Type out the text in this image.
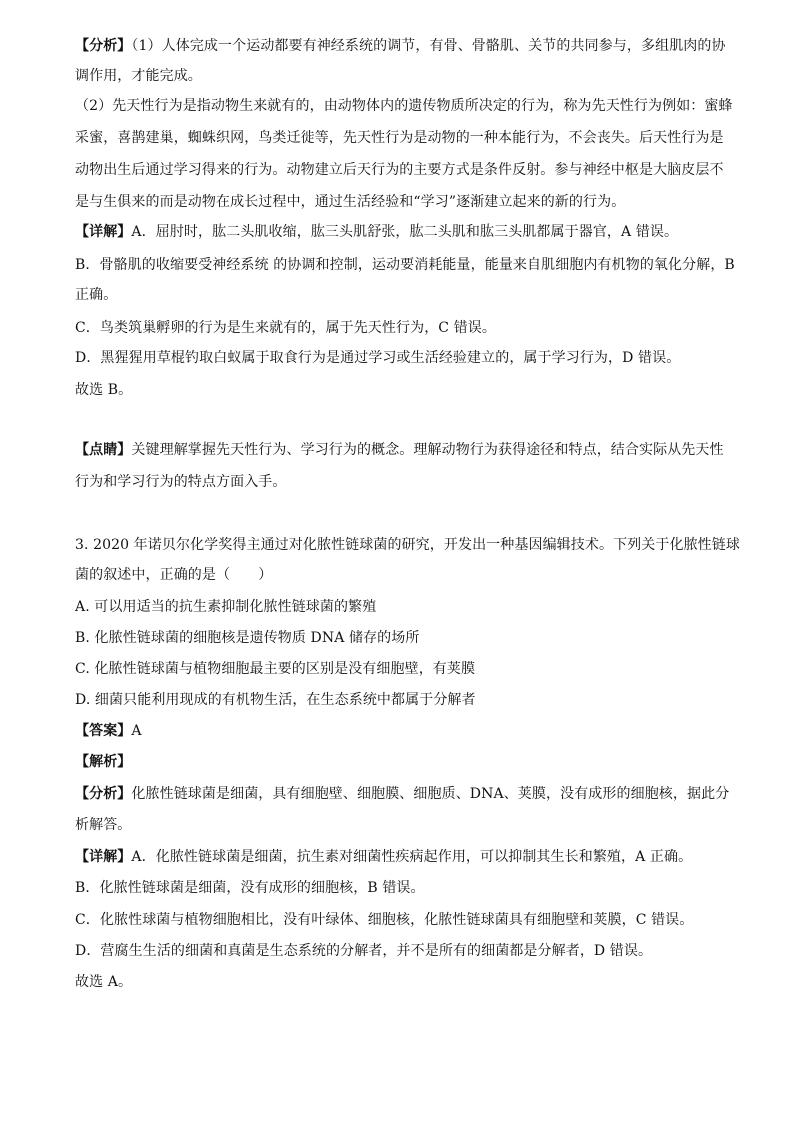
【分析】（1）人体完成一个运动都要有神经系统的调节，有骨、骨骼肌、关节的共同参与，多组肌肉的协
调作用，才能完成。
（2）先天性行为是指动物生来就有的，由动物体内的遗传物质所决定的行为，称为先天性行为例如：蜜蜂
采蜜，喜鹊建巢，蜘蛛织网，鸟类迁徙等，先天性行为是动物的一种本能行为，不会丧失。后天性行为是
动物出生后通过学习得来的行为。动物建立后天行为的主要方式是条件反射。参与神经中枢是大脑皮层不
是与生俱来的而是动物在成长过程中，通过生活经验和“学习”逐渐建立起来的新的行为。
【详解】A．屈肘时，肱二头肌收缩，肱三头肌舒张，肱二头肌和肱三头肌都属于器官，A 错误。
B．骨骼肌的收缩要受神经系统 的协调和控制，运动要消耗能量，能量来自肌细胞内有机物的氧化分解，B
正确。
C．鸟类筑巢孵卵的行为是生来就有的，属于先天性行为，C 错误。
D．黑猩猩用草棍钓取白蚁属于取食行为是通过学习或生活经验建立的，属于学习行为，D 错误。
故选 B。
【点睛】关键理解掌握先天性行为、学习行为的概念。理解动物行为获得途径和特点，结合实际从先天性
行为和学习行为的特点方面入手。
3. 2020 年诺贝尔化学奖得主通过对化脓性链球菌的研究，开发出一种基因编辑技术。下列关于化脓性链球
菌的叙述中，正确的是（　　）
A. 可以用适当的抗生素抑制化脓性链球菌的繁殖
B. 化脓性链球菌的细胞核是遗传物质 DNA 储存的场所
C. 化脓性链球菌与植物细胞最主要的区别是没有细胞壁，有荚膜
D. 细菌只能利用现成的有机物生活，在生态系统中都属于分解者
【答案】A
【解析】
【分析】化脓性链球菌是细菌，具有细胞壁、细胞膜、细胞质、DNA、荚膜，没有成形的细胞核，据此分
析解答。
【详解】A．化脓性链球菌是细菌，抗生素对细菌性疾病起作用，可以抑制其生长和繁殖，A 正确。
B．化脓性链球菌是细菌，没有成形的细胞核，B 错误。
C．化脓性球菌与植物细胞相比，没有叶绿体、细胞核，化脓性链球菌具有细胞壁和荚膜，C 错误。
D．营腐生生活的细菌和真菌是生态系统的分解者，并不是所有的细菌都是分解者，D 错误。
故选 A。
